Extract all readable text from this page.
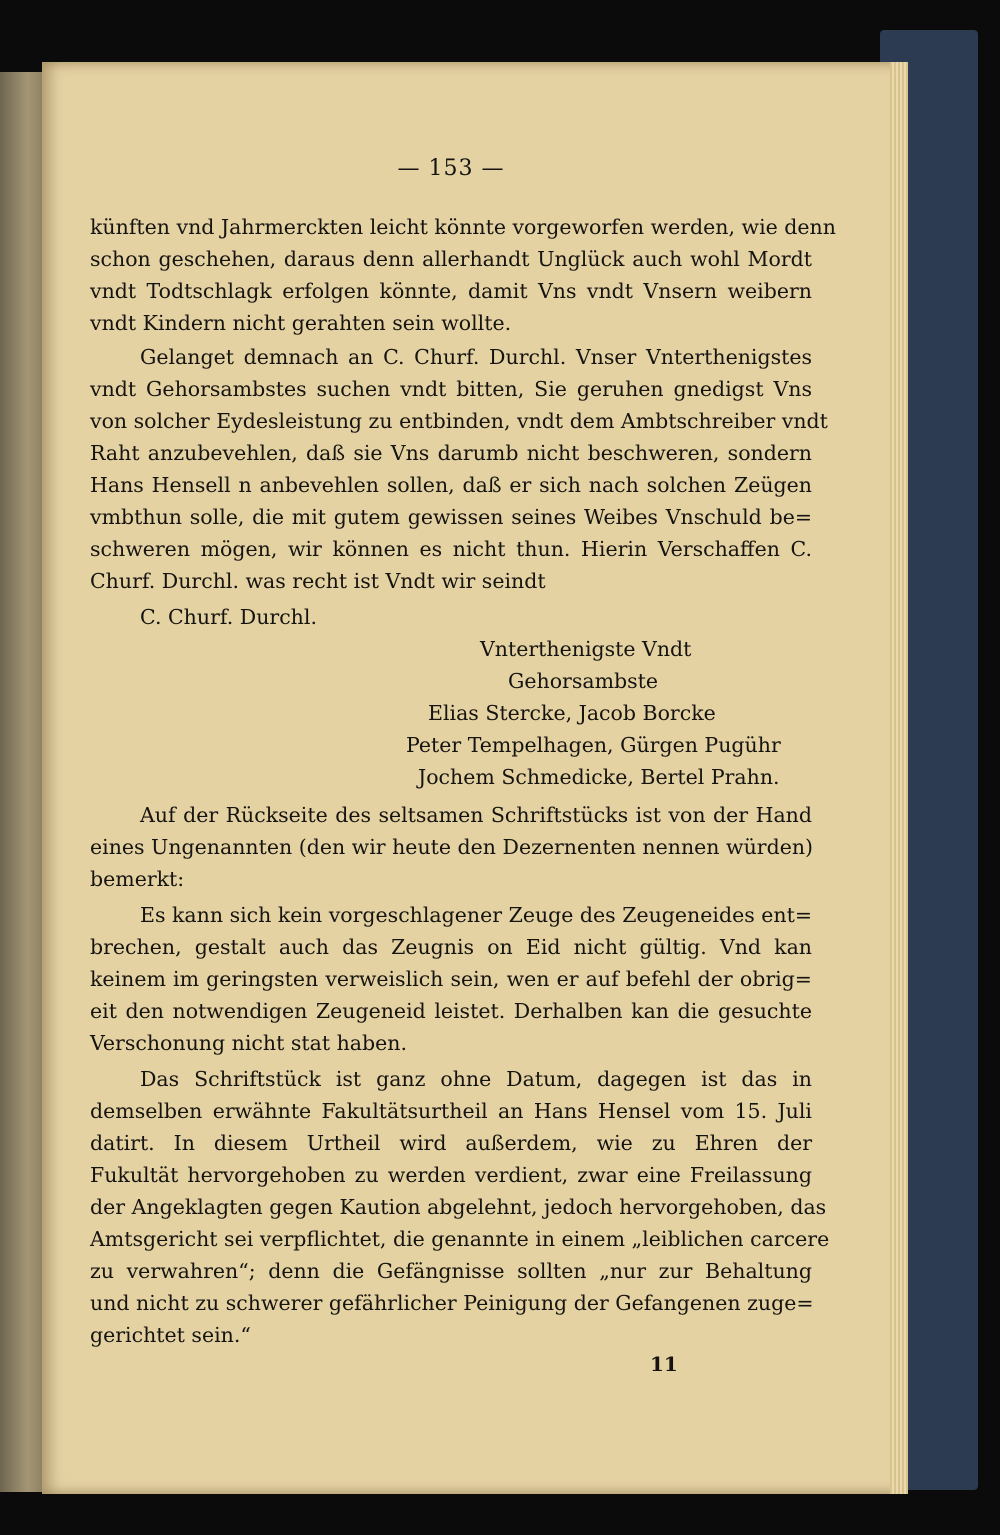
— 153 —
künften vnd Jahrmerckten leicht könnte vorgeworfen werden, wie denn
schon geschehen, daraus denn allerhandt Unglück auch wohl Mordt
vndt Todtschlagk erfolgen könnte, damit Vns vndt Vnsern weibern
vndt Kindern nicht gerahten sein wollte.
Gelanget demnach an C. Churf. Durchl. Vnser Vnterthenigstes
vndt Gehorsambstes suchen vndt bitten, Sie geruhen gnedigst Vns
von solcher Eydesleistung zu entbinden, vndt dem Ambtschreiber vndt
Raht anzubevehlen, daß sie Vns darumb nicht beschweren, sondern
Hans Hensell n anbevehlen sollen, daß er sich nach solchen Zeügen
vmbthun solle, die mit gutem gewissen seines Weibes Vnschuld be=
schweren mögen, wir können es nicht thun. Hierin Verschaffen C.
Churf. Durchl. was recht ist Vndt wir seindt
C. Churf. Durchl.
Vnterthenigste Vndt
Gehorsambste
Elias Stercke, Jacob Borcke
Peter Tempelhagen, Gürgen Pugühr
Jochem Schmedicke, Bertel Prahn.
Auf der Rückseite des seltsamen Schriftstücks ist von der Hand
eines Ungenannten (den wir heute den Dezernenten nennen würden)
bemerkt:
Es kann sich kein vorgeschlagener Zeuge des Zeugeneides ent=
brechen, gestalt auch das Zeugnis on Eid nicht gültig. Vnd kan
keinem im geringsten verweislich sein, wen er auf befehl der obrig=
eit den notwendigen Zeugeneid leistet. Derhalben kan die gesuchte
Verschonung nicht stat haben.
Das Schriftstück ist ganz ohne Datum, dagegen ist das in
demselben erwähnte Fakultätsurtheil an Hans Hensel vom 15. Juli
datirt. In diesem Urtheil wird außerdem, wie zu Ehren der
Fukultät hervorgehoben zu werden verdient, zwar eine Freilassung
der Angeklagten gegen Kaution abgelehnt, jedoch hervorgehoben, das
Amtsgericht sei verpflichtet, die genannte in einem „leiblichen carcere
zu verwahren“; denn die Gefängnisse sollten „nur zur Behaltung
und nicht zu schwerer gefährlicher Peinigung der Gefangenen zuge=
gerichtet sein.“
11
